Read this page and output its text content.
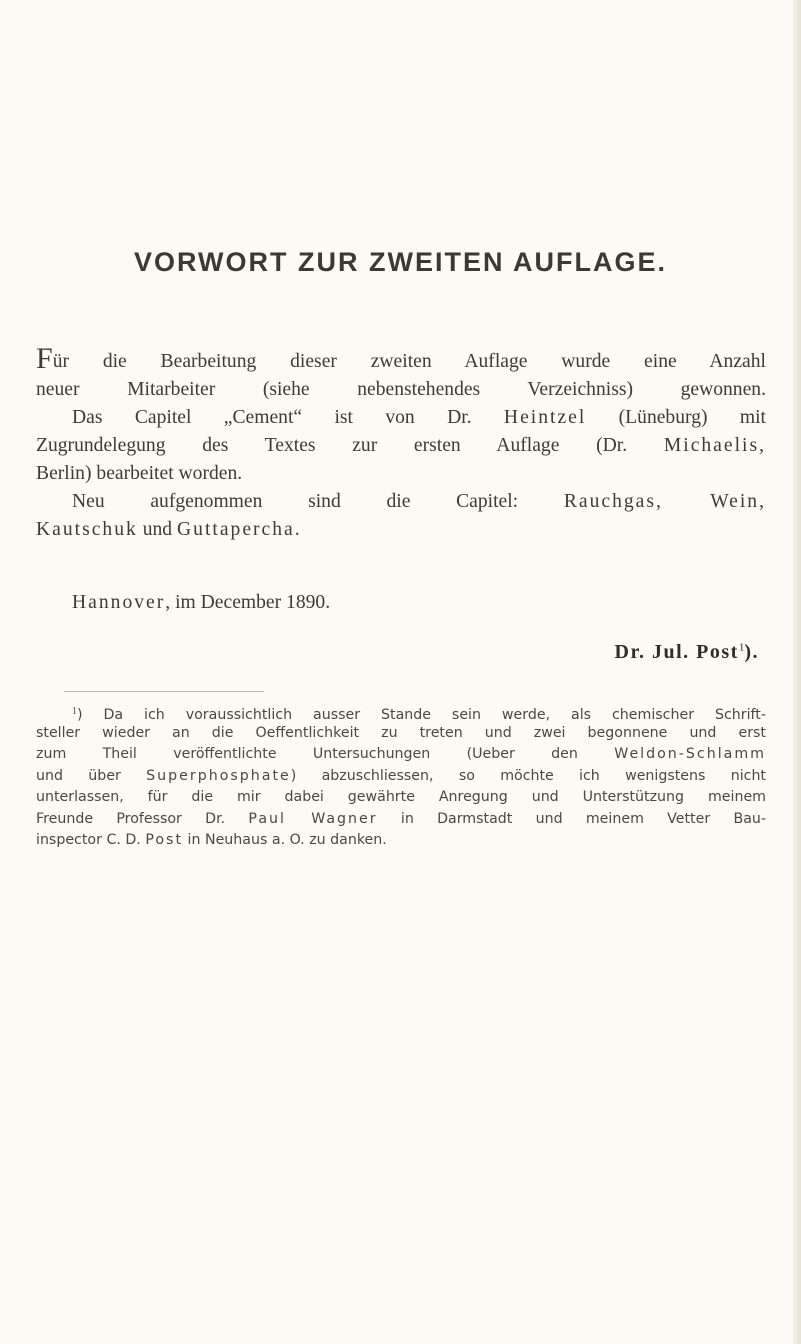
VORWORT ZUR ZWEITEN AUFLAGE.
Für die Bearbeitung dieser zweiten Auflage wurde eine Anzahl
neuer Mitarbeiter (siehe nebenstehendes Verzeichniss) gewonnen.
Das Capitel „Cement“ ist von Dr. Heintzel (Lüneburg) mit
Zugrundelegung des Textes zur ersten Auflage (Dr. Michaelis,
Berlin) bearbeitet worden.
Neu aufgenommen sind die Capitel: Rauchgas, Wein,
Kautschuk und Guttapercha.
Hannover, im December 1890.
Dr. Jul. Post$^1$).
$^1$) Da ich voraussichtlich ausser Stande sein werde, als chemischer Schrift-
steller wieder an die Oeffentlichkeit zu treten und zwei begonnene und erst
zum Theil veröffentlichte Untersuchungen (Ueber den Weldon-Schlamm
und über Superphosphate) abzuschliessen, so möchte ich wenigstens nicht
unterlassen, für die mir dabei gewährte Anregung und Unterstützung meinem
Freunde Professor Dr. Paul Wagner in Darmstadt und meinem Vetter Bau-
inspector C. D. Post in Neuhaus a. O. zu danken.
